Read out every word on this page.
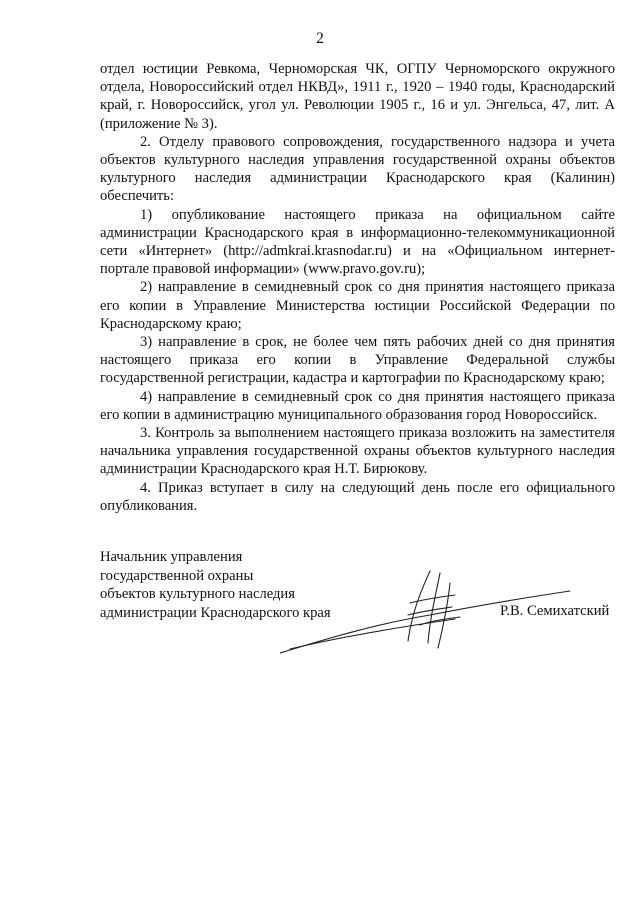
2

отдел юстиции Ревкома, Черноморская ЧК, ОГПУ Черноморского окружного отдела, Новороссийский отдел НКВД», 1911 г., 1920 – 1940 годы, Краснодарский край, г. Новороссийск, угол ул. Революции 1905 г., 16 и ул. Энгельса, 47, лит. А (приложение № 3).

2. Отделу правового сопровождения, государственного надзора и учета объектов культурного наследия управления государственной охраны объектов культурного наследия администрации Краснодарского края (Калинин) обеспечить:

1) опубликование настоящего приказа на официальном сайте администрации Краснодарского края в информационно-телекоммуникационной сети «Интернет» (http://admkrai.krasnodar.ru) и на «Официальном интернет-портале правовой информации» (www.pravo.gov.ru);

2) направление в семидневный срок со дня принятия настоящего приказа его копии в Управление Министерства юстиции Российской Федерации по Краснодарскому краю;

3) направление в срок, не более чем пять рабочих дней со дня принятия настоящего приказа его копии в Управление Федеральной службы государственной регистрации, кадастра и картографии по Краснодарскому краю;

4) направление в семидневный срок со дня принятия настоящего приказа его копии в администрацию муниципального образования город Новороссийск.

3. Контроль за выполнением настоящего приказа возложить на заместителя начальника управления государственной охраны объектов культурного наследия администрации Краснодарского края Н.Т. Бирюкову.

4. Приказ вступает в силу на следующий день после его официального опубликования.

Начальник управления
государственной охраны
объектов культурного наследия
администрации Краснодарского края	Р.В. Семихатский
